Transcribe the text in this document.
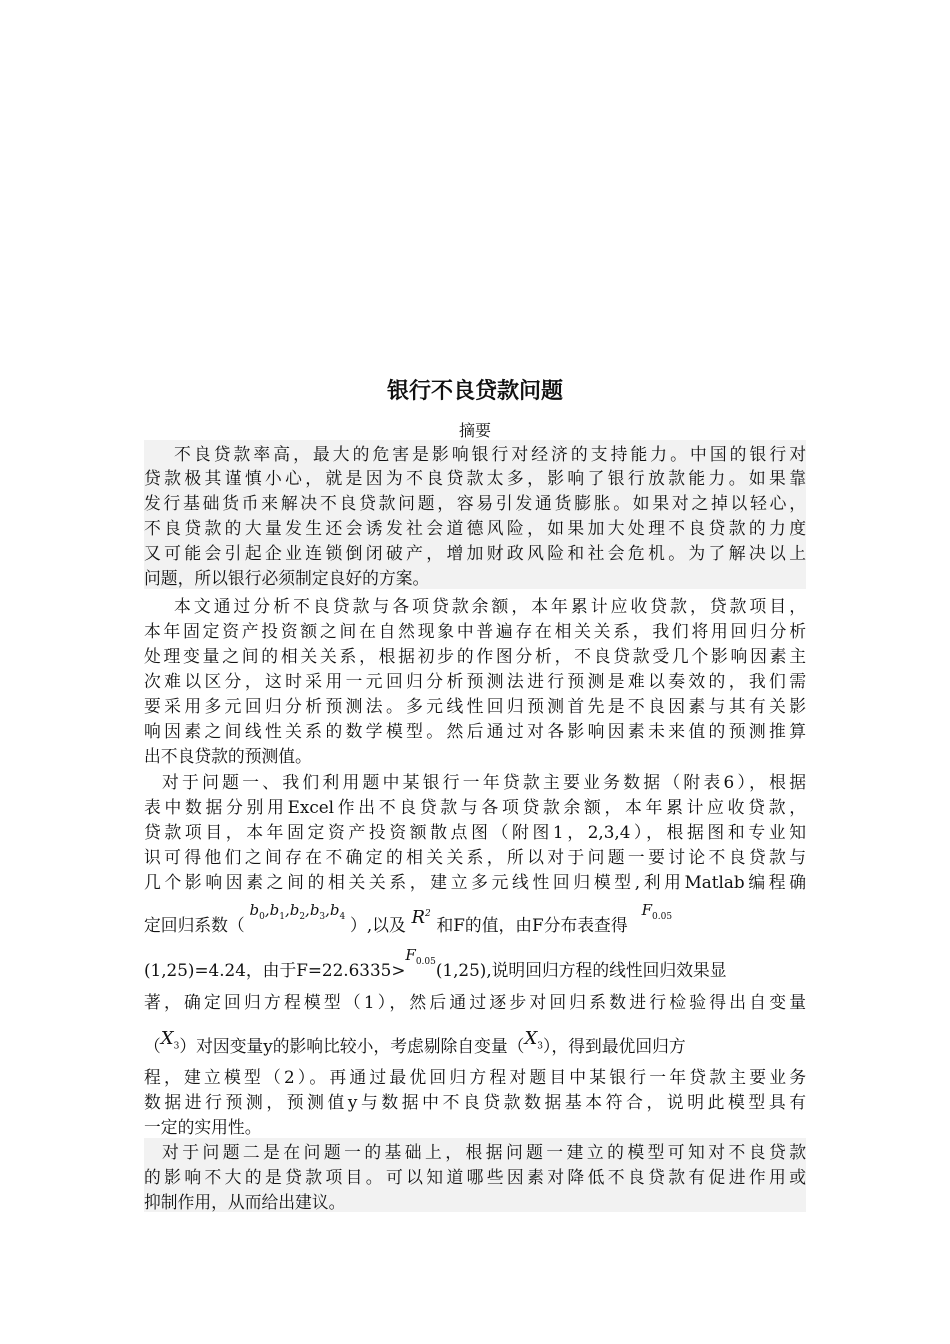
银行不良贷款问题
摘要
不良贷款率高，最大的危害是影响银行对经济的支持能力。中国的银行对
贷款极其谨慎小心，就是因为不良贷款太多，影响了银行放款能力。如果靠
发行基础货币来解决不良贷款问题，容易引发通货膨胀。如果对之掉以轻心，
不良贷款的大量发生还会诱发社会道德风险，如果加大处理不良贷款的力度
又可能会引起企业连锁倒闭破产，增加财政风险和社会危机。为了解决以上
问题，所以银行必须制定良好的方案。
本文通过分析不良贷款与各项贷款余额，本年累计应收贷款，贷款项目，
本年固定资产投资额之间在自然现象中普遍存在相关关系，我们将用回归分析
处理变量之间的相关关系，根据初步的作图分析，不良贷款受几个影响因素主
次难以区分，这时采用一元回归分析预测法进行预测是难以奏效的，我们需
要采用多元回归分析预测法。多元线性回归预测首先是不良因素与其有关影
响因素之间线性关系的数学模型。然后通过对各影响因素未来值的预测推算
出不良贷款的预测值。
对于问题一、我们利用题中某银行一年贷款主要业务数据（附表6），根据
表中数据分别用Excel作出不良贷款与各项贷款余额，本年累计应收贷款，
贷款项目，本年固定资产投资额散点图（附图1，2,3,4），根据图和专业知
识可得他们之间存在不确定的相关关系，所以对于问题一要讨论不良贷款与
几个影响因素之间的相关关系，建立多元线性回归模型,利用Matlab编程确
定回归系数（ $b_0,b_1,b_2,b_3,b_4$ ）,以及 $R^2$ 和F的值，由F分布表查得$F_{0.05}$
(1,25)=4.24，由于$F=22.6335>F_{0.05}(1,25)$,说明回归方程的线性回归效果显
著，确定回归方程模型（1），然后通过逐步对回归系数进行检验得出自变量
$(X_3)$对因变量y的影响比较小，考虑剔除自变量$(X_3)$，得到最优回归方
程，建立模型（2）。再通过最优回归方程对题目中某银行一年贷款主要业务
数据进行预测，预测值y与数据中不良贷款数据基本符合，说明此模型具有
一定的实用性。
对于问题二是在问题一的基础上，根据问题一建立的模型可知对不良贷款
的影响不大的是贷款项目。可以知道哪些因素对降低不良贷款有促进作用或
抑制作用，从而给出建议。
